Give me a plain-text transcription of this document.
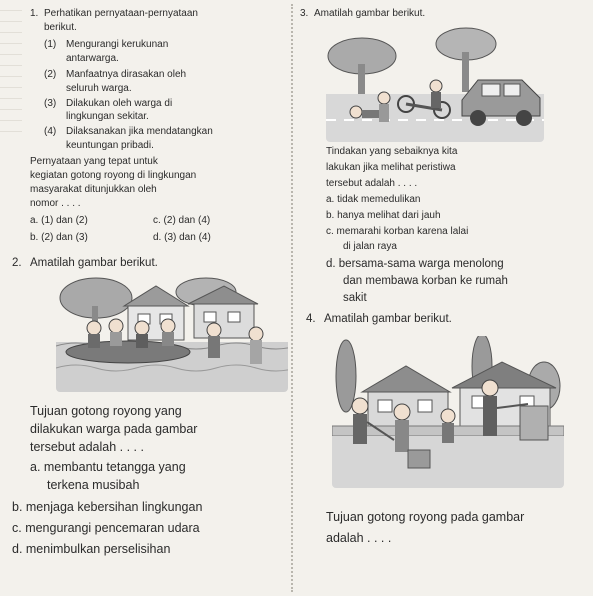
1. Perhatikan pernyataan-pernyataan
berikut.
(1) Mengurangi kerukunan
antarwarga.
(2) Manfaatnya dirasakan oleh
seluruh warga.
(3) Dilakukan oleh warga di
lingkungan sekitar.
(4) Dilaksanakan jika mendatangkan
keuntungan pribadi.
Pernyataan yang tepat untuk
kegiatan gotong royong di lingkungan
masyarakat ditunjukkan oleh
nomor . . . .
a. (1) dan (2)	c. (2) dan (4)
b. (2) dan (3)	d. (3) dan (4)
2. Amatilah gambar berikut.
Tujuan gotong royong yang
dilakukan warga pada gambar
tersebut adalah . . . .
a. membantu tetangga yang
terkena musibah
b. menjaga kebersihan lingkungan
c. mengurangi pencemaran udara
d. menimbulkan perselisihan
3. Amatilah gambar berikut.
Tindakan yang sebaiknya kita
lakukan jika melihat peristiwa
tersebut adalah . . . .
a. tidak memedulikan
b. hanya melihat dari jauh
c. memarahi korban karena lalai
di jalan raya
d. bersama-sama warga menolong
dan membawa korban ke rumah
sakit
4. Amatilah gambar berikut.
Tujuan gotong royong pada gambar
adalah . . . .
